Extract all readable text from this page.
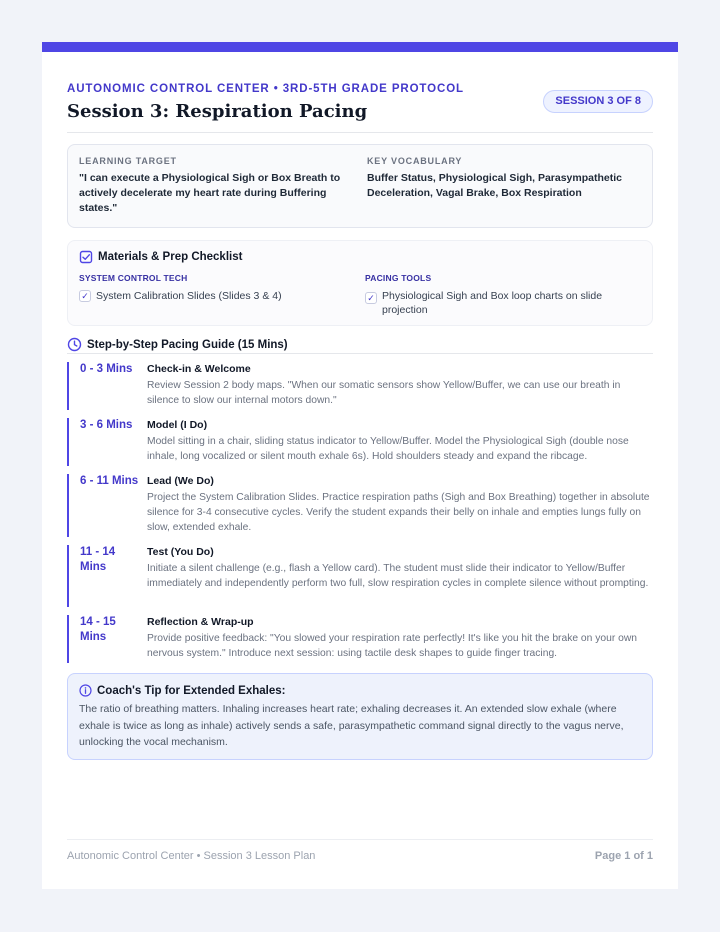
AUTONOMIC CONTROL CENTER • 3RD-5TH GRADE PROTOCOL
Session 3: Respiration Pacing	SESSION 3 OF 8
LEARNING TARGET
"I can execute a Physiological Sigh or Box Breath to actively decelerate my heart rate during Buffering states."
KEY VOCABULARY
Buffer Status, Physiological Sigh, Parasympathetic Deceleration, Vagal Brake, Box Respiration
Materials & Prep Checklist
SYSTEM CONTROL TECH
✓ System Calibration Slides (Slides 3 & 4)
PACING TOOLS
✓ Physiological Sigh and Box loop charts on slide projection
Step-by-Step Pacing Guide (15 Mins)
0 - 3 Mins	Check-in & Welcome
Review Session 2 body maps. "When our somatic sensors show Yellow/Buffer, we can use our breath in silence to slow our internal motors down."
3 - 6 Mins	Model (I Do)
Model sitting in a chair, sliding status indicator to Yellow/Buffer. Model the Physiological Sigh (double nose inhale, long vocalized or silent mouth exhale 6s). Hold shoulders steady and expand the ribcage.
6 - 11 Mins Lead (We Do)
Project the System Calibration Slides. Practice respiration paths (Sigh and Box Breathing) together in absolute silence for 3-4 consecutive cycles. Verify the student expands their belly on inhale and empties lungs fully on slow, extended exhale.
11 - 14 Mins
Test (You Do)
Initiate a silent challenge (e.g., flash a Yellow card). The student must slide their indicator to Yellow/Buffer immediately and independently perform two full, slow respiration cycles in complete silence without prompting.
14 - 15 Mins
Reflection & Wrap-up
Provide positive feedback: "You slowed your respiration rate perfectly! It's like you hit the brake on your own nervous system." Introduce next session: using tactile desk shapes to guide finger tracing.
Coach's Tip for Extended Exhales:
The ratio of breathing matters. Inhaling increases heart rate; exhaling decreases it. An extended slow exhale (where exhale is twice as long as inhale) actively sends a safe, parasympathetic command signal directly to the vagus nerve, unlocking the vocal mechanism.
Autonomic Control Center • Session 3 Lesson Plan	Page 1 of 1
